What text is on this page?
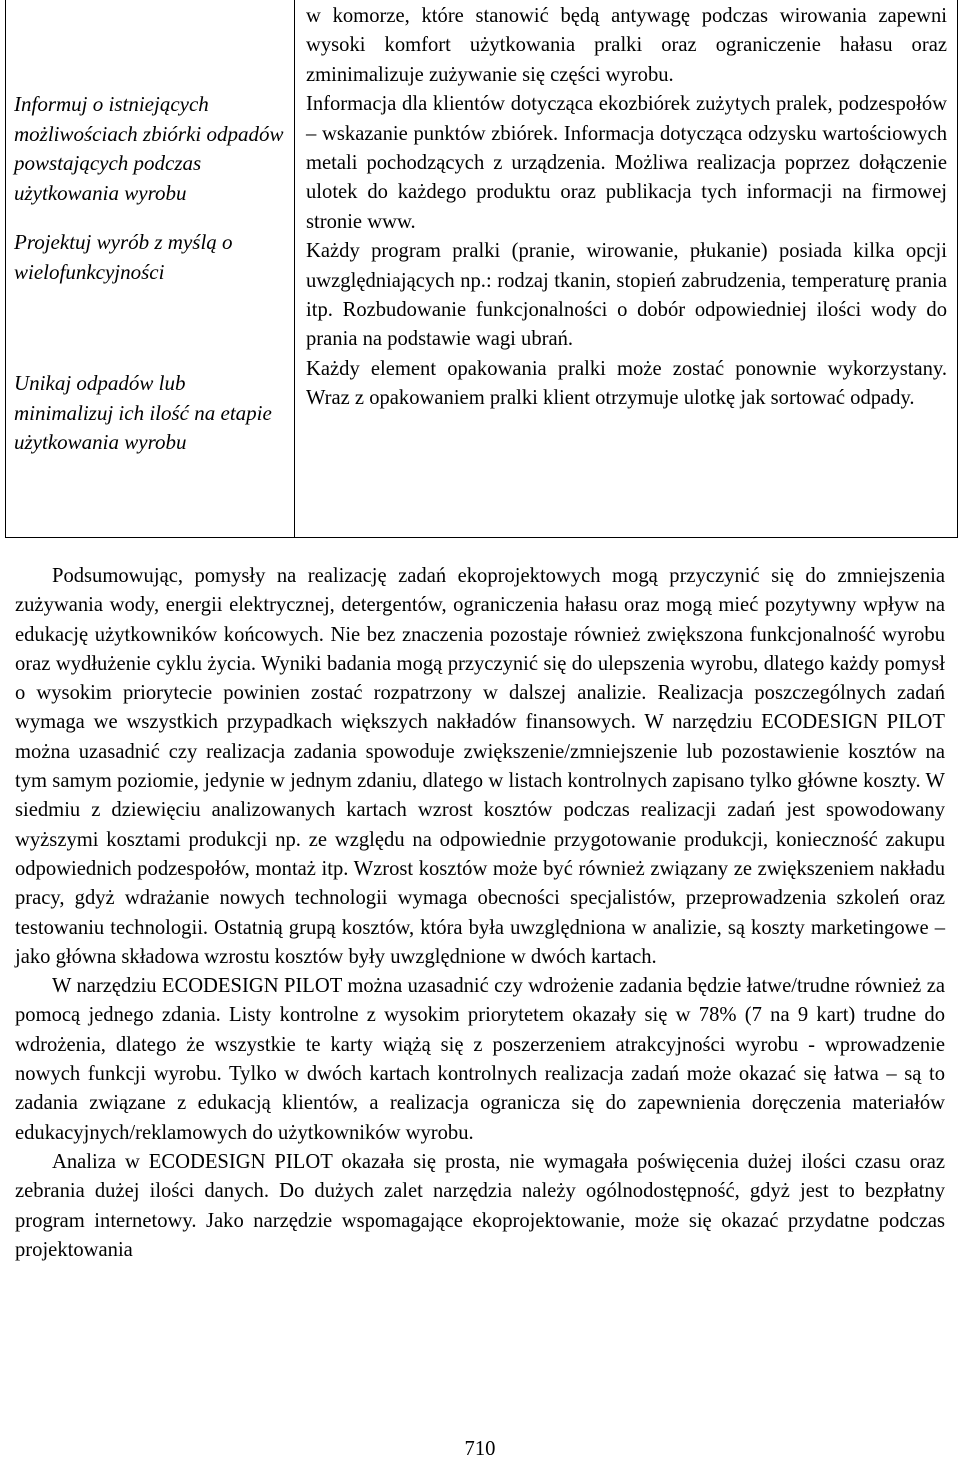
Informuj o istniejących możliwościach zbiórki odpadów powstających podczas użytkowania wyrobu

Projektuj wyrób z myślą o wielofunkcyjności

Unikaj odpadów lub minimalizuj ich ilość na etapie użytkowania wyrobu

w komorze, które stanowić będą antywagę podczas wirowania zapewni wysoki komfort użytkowania pralki oraz ograniczenie hałasu oraz zminimalizuje zużywanie się części wyrobu.

Informacja dla klientów dotycząca ekozbiórek zużytych pralek, podzespołów – wskazanie punktów zbiórek. Informacja dotycząca odzysku wartościowych metali pochodzących z urządzenia. Możliwa realizacja poprzez dołączenie ulotek do każdego produktu oraz publikacja tych informacji na firmowej stronie www.

Każdy program pralki (pranie, wirowanie, płukanie) posiada kilka opcji uwzględniających np.: rodzaj tkanin, stopień zabrudzenia, temperaturę prania itp. Rozbudowanie funkcjonalności o dobór odpowiedniej ilości wody do prania na podstawie wagi ubrań.

Każdy element opakowania pralki może zostać ponownie wykorzystany. Wraz z opakowaniem pralki klient otrzymuje ulotkę jak sortować odpady.

Podsumowując, pomysły na realizację zadań ekoprojektowych mogą przyczynić się do zmniejszenia zużywania wody, energii elektrycznej, detergentów, ograniczenia hałasu oraz mogą mieć pozytywny wpływ na edukację użytkowników końcowych. Nie bez znaczenia pozostaje również zwiększona funkcjonalność wyrobu oraz wydłużenie cyklu życia. Wyniki badania mogą przyczynić się do ulepszenia wyrobu, dlatego każdy pomysł o wysokim priorytecie powinien zostać rozpatrzony w dalszej analizie. Realizacja poszczególnych zadań wymaga we wszystkich przypadkach większych nakładów finansowych. W narzędziu ECODESIGN PILOT można uzasadnić czy realizacja zadania spowoduje zwiększenie/zmniejszenie lub pozostawienie kosztów na tym samym poziomie, jedynie w jednym zdaniu, dlatego w listach kontrolnych zapisano tylko główne koszty. W siedmiu z dziewięciu analizowanych kartach wzrost kosztów podczas realizacji zadań jest spowodowany wyższymi kosztami produkcji np. ze względu na odpowiednie przygotowanie produkcji, konieczność zakupu odpowiednich podzespołów, montaż itp. Wzrost kosztów może być również związany ze zwiększeniem nakładu pracy, gdyż wdrażanie nowych technologii wymaga obecności specjalistów, przeprowadzenia szkoleń oraz testowaniu technologii. Ostatnią grupą kosztów, która była uwzględniona w analizie, są koszty marketingowe – jako główna składowa wzrostu kosztów były uwzględnione w dwóch kartach.

W narzędziu ECODESIGN PILOT można uzasadnić czy wdrożenie zadania będzie łatwe/trudne również za pomocą jednego zdania. Listy kontrolne z wysokim priorytetem okazały się w 78% (7 na 9 kart) trudne do wdrożenia, dlatego że wszystkie te karty wiążą się z poszerzeniem atrakcyjności wyrobu - wprowadzenie nowych funkcji wyrobu. Tylko w dwóch kartach kontrolnych realizacja zadań może okazać się łatwa – są to zadania związane z edukacją klientów, a realizacja ogranicza się do zapewnienia doręczenia materiałów edukacyjnych/reklamowych do użytkowników wyrobu.

Analiza w ECODESIGN PILOT okazała się prosta, nie wymagała poświęcenia dużej ilości czasu oraz zebrania dużej ilości danych. Do dużych zalet narzędzia należy ogólnodostępność, gdyż jest to bezpłatny program internetowy. Jako narzędzie wspomagające ekoprojektowanie, może się okazać przydatne podczas projektowania

710
